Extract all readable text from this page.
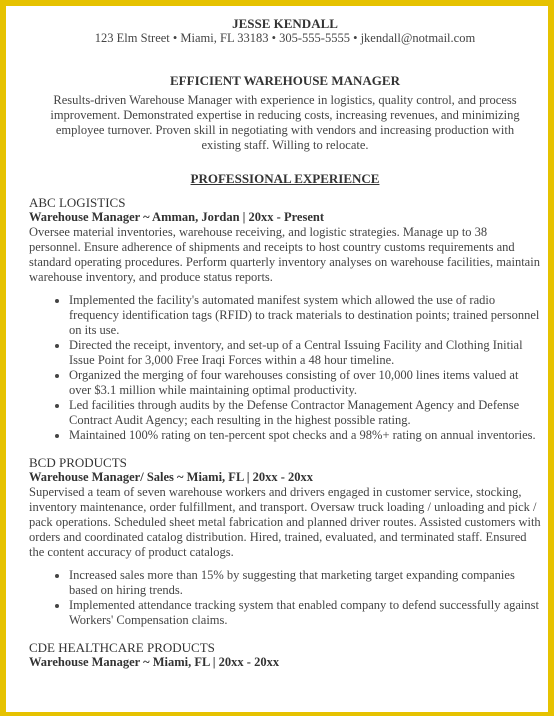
JESSE KENDALL
123 Elm Street • Miami, FL 33183 • 305-555-5555 • jkendall@notmail.com
EFFICIENT WAREHOUSE MANAGER
Results-driven Warehouse Manager with experience in logistics, quality control, and process improvement. Demonstrated expertise in reducing costs, increasing revenues, and minimizing employee turnover. Proven skill in negotiating with vendors and increasing production with existing staff. Willing to relocate.
PROFESSIONAL EXPERIENCE
ABC LOGISTICS
Warehouse Manager ~ Amman, Jordan | 20xx - Present
Oversee material inventories, warehouse receiving, and logistic strategies. Manage up to 38 personnel. Ensure adherence of shipments and receipts to host country customs requirements and standard operating procedures. Perform quarterly inventory analyses on warehouse facilities, maintain warehouse inventory, and produce status reports.
• Implemented the facility's automated manifest system which allowed the use of radio frequency identification tags (RFID) to track materials to destination points; trained personnel on its use.
• Directed the receipt, inventory, and set-up of a Central Issuing Facility and Clothing Initial Issue Point for 3,000 Free Iraqi Forces within a 48 hour timeline.
• Organized the merging of four warehouses consisting of over 10,000 lines items valued at over $3.1 million while maintaining optimal productivity.
• Led facilities through audits by the Defense Contractor Management Agency and Defense Contract Audit Agency; each resulting in the highest possible rating.
• Maintained 100% rating on ten-percent spot checks and a 98%+ rating on annual inventories.
BCD PRODUCTS
Warehouse Manager/ Sales ~ Miami, FL | 20xx - 20xx
Supervised a team of seven warehouse workers and drivers engaged in customer service, stocking, inventory maintenance, order fulfillment, and transport. Oversaw truck loading / unloading and pick / pack operations. Scheduled sheet metal fabrication and planned driver routes. Assisted customers with orders and coordinated catalog distribution. Hired, trained, evaluated, and terminated staff. Ensured the content accuracy of product catalogs.
• Increased sales more than 15% by suggesting that marketing target expanding companies based on hiring trends.
• Implemented attendance tracking system that enabled company to defend successfully against Workers' Compensation claims.
CDE HEALTHCARE PRODUCTS
Warehouse Manager ~ Miami, FL | 20xx - 20xx
